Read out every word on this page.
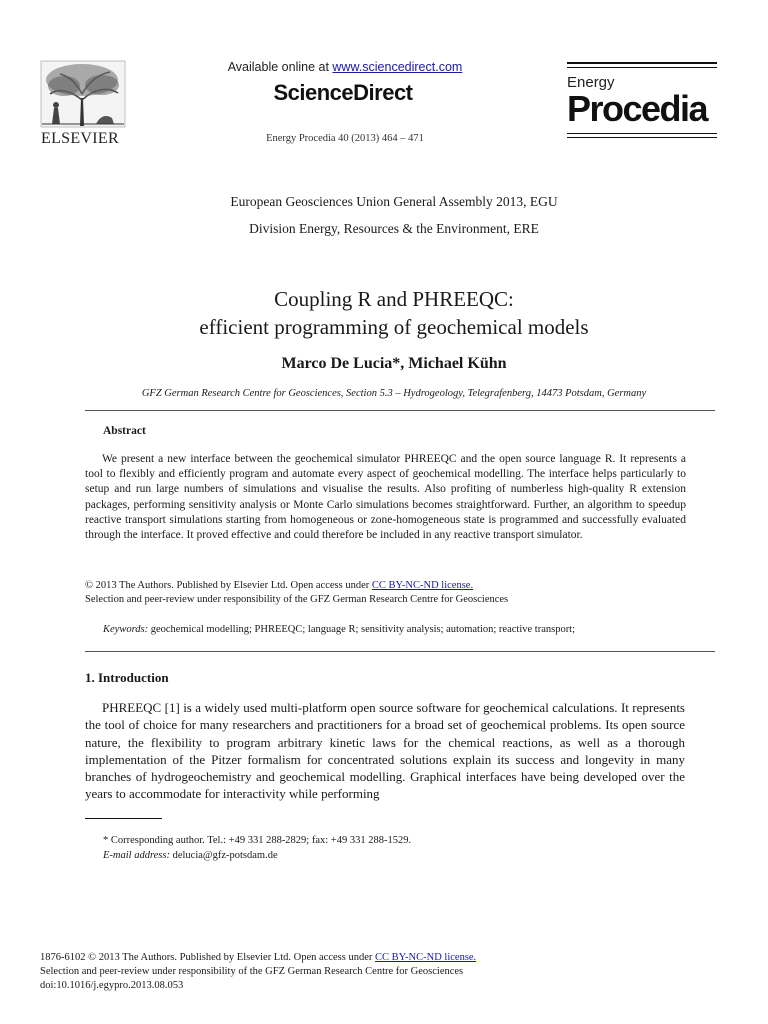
ELSEVIER
Available online at www.sciencedirect.com
ScienceDirect
Energy Procedia 40 (2013) 464 – 471
Energy
Procedia
European Geosciences Union General Assembly 2013, EGU
Division Energy, Resources & the Environment, ERE
Coupling R and PHREEQC:
efficient programming of geochemical models
Marco De Lucia*, Michael Kühn
GFZ German Research Centre for Geosciences, Section 5.3 – Hydrogeology, Telegrafenberg, 14473 Potsdam, Germany
Abstract
We present a new interface between the geochemical simulator PHREEQC and the open source language R. It represents a tool to flexibly and efficiently program and automate every aspect of geochemical modelling. The interface helps particularly to setup and run large numbers of simulations and visualise the results. Also profiting of numberless high-quality R extension packages, performing sensitivity analysis or Monte Carlo simulations becomes straightforward. Further, an algorithm to speedup reactive transport simulations starting from homogeneous or zone-homogeneous state is programmed and successfully evaluated through the interface. It proved effective and could therefore be included in any reactive transport simulator.
© 2013 The Authors. Published by Elsevier Ltd. Open access under CC BY-NC-ND license.
Selection and peer-review under responsibility of the GFZ German Research Centre for Geosciences
Keywords: geochemical modelling; PHREEQC; language R; sensitivity analysis; automation; reactive transport;
1. Introduction
PHREEQC [1] is a widely used multi-platform open source software for geochemical calculations. It represents the tool of choice for many researchers and practitioners for a broad set of geochemical problems. Its open source nature, the flexibility to program arbitrary kinetic laws for the chemical reactions, as well as a thorough implementation of the Pitzer formalism for concentrated solutions explain its success and longevity in many branches of hydrogeochemistry and geochemical modelling. Graphical interfaces have being developed over the years to accommodate for interactivity while performing
* Corresponding author. Tel.: +49 331 288-2829; fax: +49 331 288-1529.
E-mail address: delucia@gfz-potsdam.de
1876-6102 © 2013 The Authors. Published by Elsevier Ltd. Open access under CC BY-NC-ND license.
Selection and peer-review under responsibility of the GFZ German Research Centre for Geosciences
doi:10.1016/j.egypro.2013.08.053
